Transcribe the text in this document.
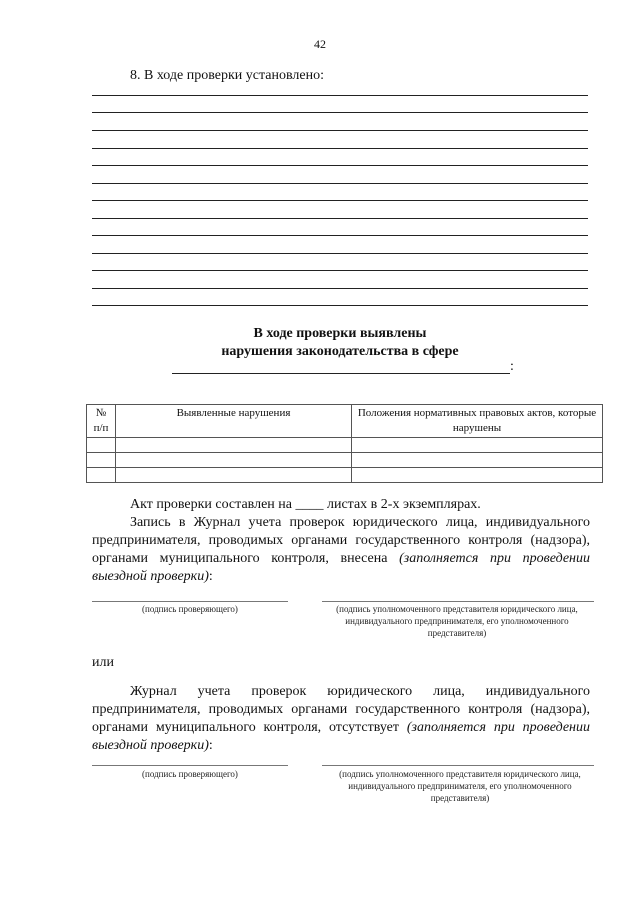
42
8. В ходе проверки установлено:
В ходе проверки выявлены
нарушения законодательства в сфере
:
№ п/п	Выявленные нарушения	Положения нормативных правовых актов, которые нарушены

Акт проверки составлен на ____ листах в 2-х экземплярах.
Запись в Журнал учета проверок юридического лица, индивидуального предпринимателя, проводимых органами государственного контроля (надзора), органами муниципального контроля, внесена (заполняется при проведении выездной проверки):
(подпись проверяющего)	(подпись уполномоченного представителя юридического лица, индивидуального предпринимателя, его уполномоченного представителя)
или
Журнал учета проверок юридического лица, индивидуального предпринимателя, проводимых органами государственного контроля (надзора), органами муниципального контроля, отсутствует (заполняется при проведении выездной проверки):
(подпись проверяющего)	(подпись уполномоченного представителя юридического лица, индивидуального предпринимателя, его уполномоченного представителя)
